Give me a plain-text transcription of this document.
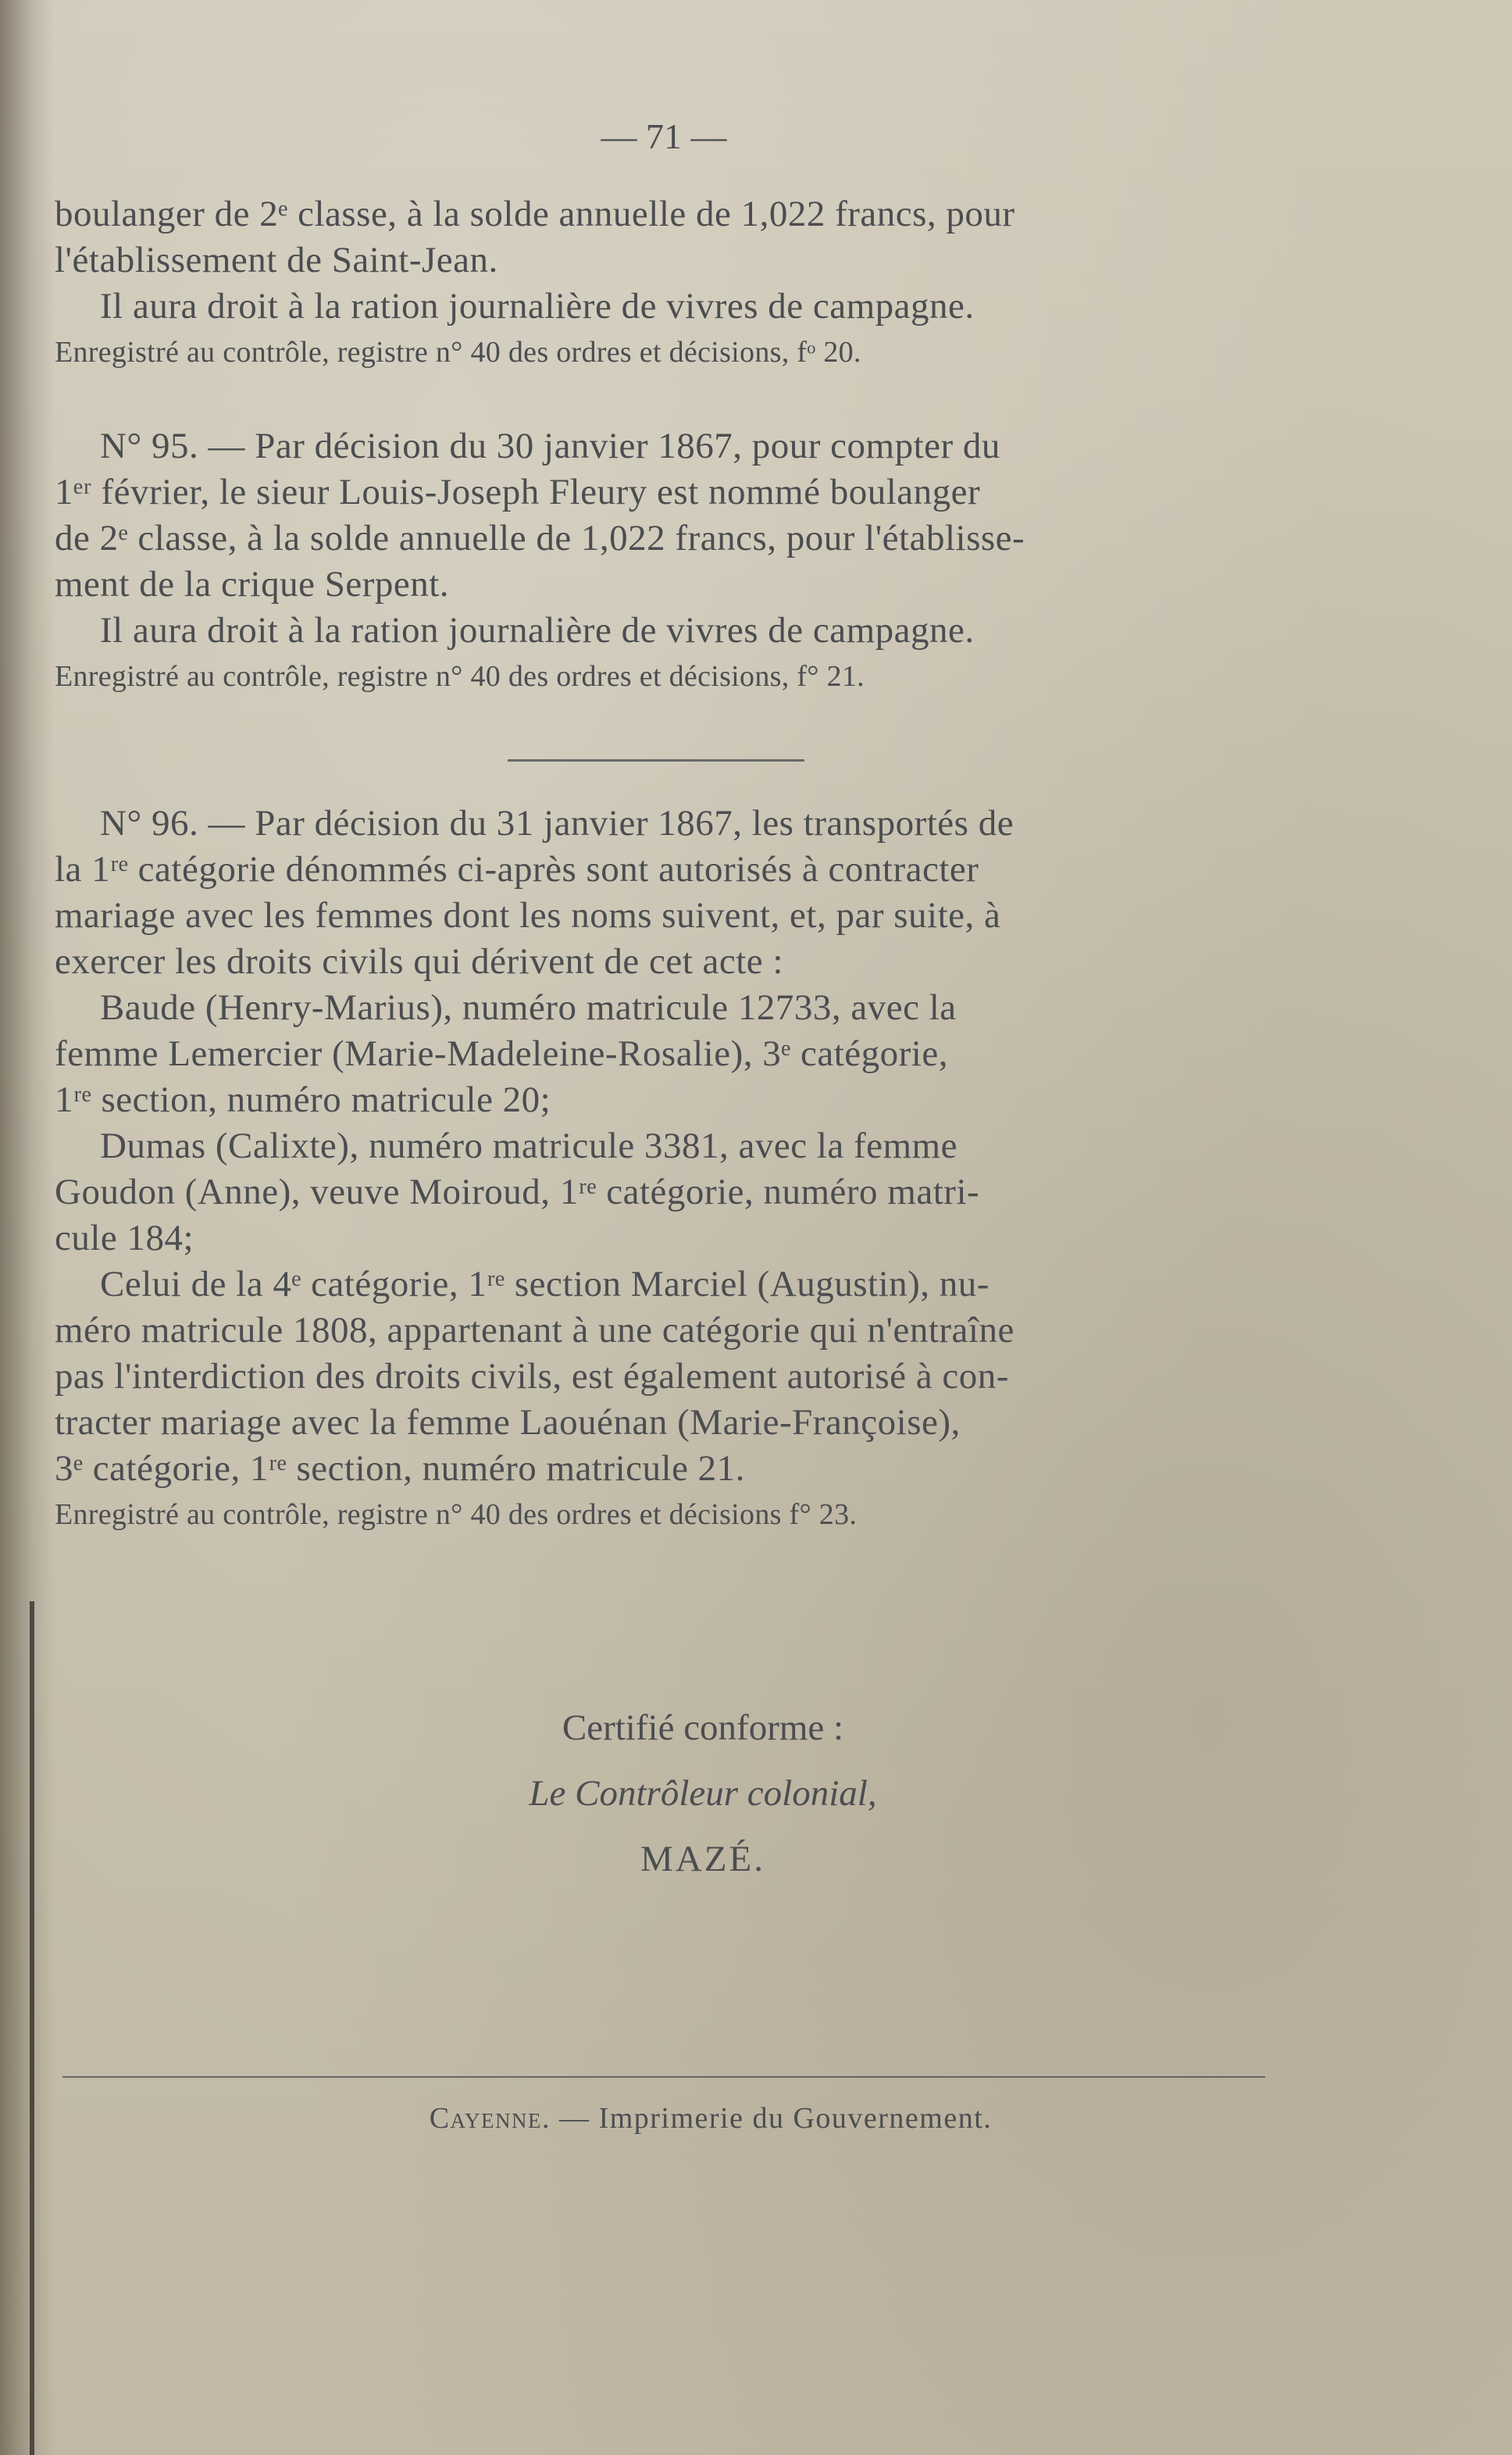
— 71 —
boulanger de 2ᵉ classe, à la solde annuelle de 1,022 francs, pour
l'établissement de Saint-Jean.
Il aura droit à la ration journalière de vivres de campagne.
Enregistré au contrôle, registre n° 40 des ordres et décisions, fᵒ 20.
N° 95. — Par décision du 30 janvier 1867, pour compter du
1ᵉʳ février, le sieur Louis-Joseph Fleury est nommé boulanger
de 2ᵉ classe, à la solde annuelle de 1,022 francs, pour l'établisse-
ment de la crique Serpent.
Il aura droit à la ration journalière de vivres de campagne.
Enregistré au contrôle, registre n° 40 des ordres et décisions, f° 21.
N° 96. — Par décision du 31 janvier 1867, les transportés de
la 1ʳᵉ catégorie dénommés ci-après sont autorisés à contracter
mariage avec les femmes dont les noms suivent, et, par suite, à
exercer les droits civils qui dérivent de cet acte :
Baude (Henry-Marius), numéro matricule 12733, avec la
femme Lemercier (Marie-Madeleine-Rosalie), 3ᵉ catégorie,
1ʳᵉ section, numéro matricule 20;
Dumas (Calixte), numéro matricule 3381, avec la femme
Goudon (Anne), veuve Moiroud, 1ʳᵉ catégorie, numéro matri-
cule 184;
Celui de la 4ᵉ catégorie, 1ʳᵉ section Marciel (Augustin), nu-
méro matricule 1808, appartenant à une catégorie qui n'entraîne
pas l'interdiction des droits civils, est également autorisé à con-
tracter mariage avec la femme Laouénan (Marie-Françoise),
3ᵉ catégorie, 1ʳᵉ section, numéro matricule 21.
Enregistré au contrôle, registre n° 40 des ordres et décisions f° 23.
Certifié conforme :
Le Contrôleur colonial,
MAZÉ.
Cayenne. — Imprimerie du Gouvernement.
